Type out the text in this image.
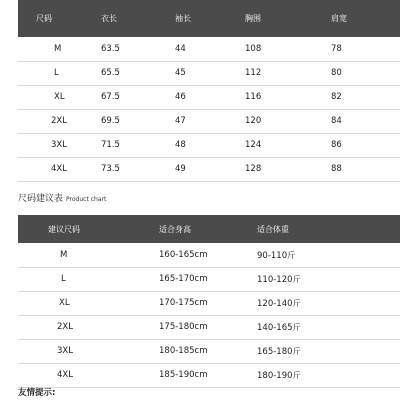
尺码	衣长	袖长	胸围	肩宽
M	63.5	44	108	78
L	65.5	45	112	80
XL	67.5	46	116	82
2XL	69.5	47	120	84
3XL	71.5	48	124	86
4XL	73.5	49	128	88
尺码建议表 Product chart
建议尺码	适合身高	适合体重
M	160-165cm	90-110斤
L	165-170cm	110-120斤
XL	170-175cm	120-140斤
2XL	175-180cm	140-165斤
3XL	180-185cm	165-180斤
4XL	185-190cm	180-190斤
友情提示:
